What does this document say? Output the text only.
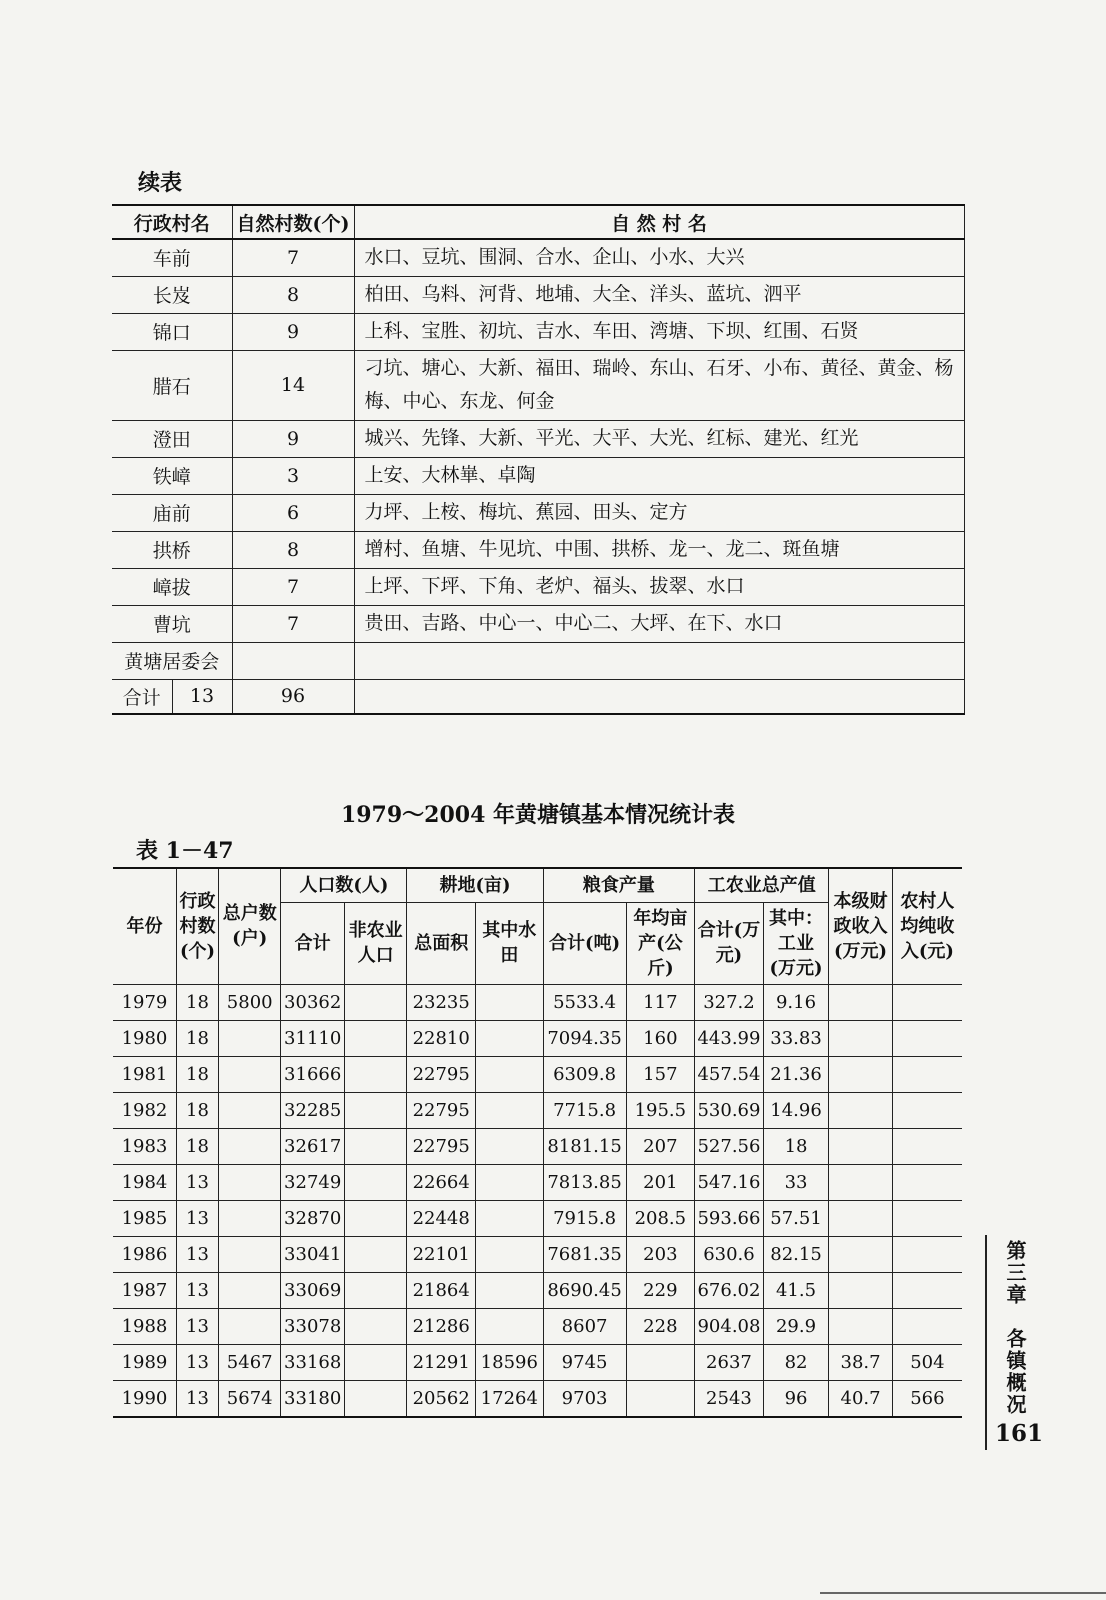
续表
行政村名		自然村数(个)	自 然 村 名
车前		7	水口、豆坑、围洞、合水、企山、小水、大兴
长岌		8	柏田、乌料、河背、地埔、大全、洋头、蓝坑、泗平
锦口		9	上科、宝胜、初坑、吉水、车田、湾塘、下坝、红围、石贤
腊石		14	刁坑、塘心、大新、福田、瑞岭、东山、石牙、小布、黄径、黄金、杨梅、中心、东龙、何金
澄田		9	城兴、先锋、大新、平光、大平、大光、红标、建光、红光
铁嶂		3	上安、大林崋、卓陶
庙前		6	力坪、上桉、梅坑、蕉园、田头、定方
拱桥		8	增村、鱼塘、牛见坑、中围、拱桥、龙一、龙二、斑鱼塘
嶂拔		7	上坪、下坪、下角、老炉、福头、拔翠、水口
曹坑		7	贵田、吉路、中心一、中心二、大坪、在下、水口
黄塘居委会			
合计	13	96	
1979～2004 年黄塘镇基本情况统计表
表 1－47
年份	行政村数(个)	总户数(户)	人口数(人)		耕地(亩)		粮食产量		工农业总产值		本级财政收入(万元)	农村人均纯收入(元)
			合计	非农业人口	总面积	其中水田	合计(吨)	年均亩产(公斤)	合计(万元)	其中：工业(万元)		
1979	18	5800	30362		23235		5533.4	117	327.2	9.16		
1980	18		31110		22810		7094.35	160	443.99	33.83		
1981	18		31666		22795		6309.8	157	457.54	21.36		
1982	18		32285		22795		7715.8	195.5	530.69	14.96		
1983	18		32617		22795		8181.15	207	527.56	18		
1984	13		32749		22664		7813.85	201	547.16	33		
1985	13		32870		22448		7915.8	208.5	593.66	57.51		
1986	13		33041		22101		7681.35	203	630.6	82.15		
1987	13		33069		21864		8690.45	229	676.02	41.5		
1988	13		33078		21286		8607	228	904.08	29.9		
1989	13	5467	33168		21291	18596	9745		2637	82	38.7	504
1990	13	5674	33180		20562	17264	9703		2543	96	40.7	566	第三章　各镇概况
161
